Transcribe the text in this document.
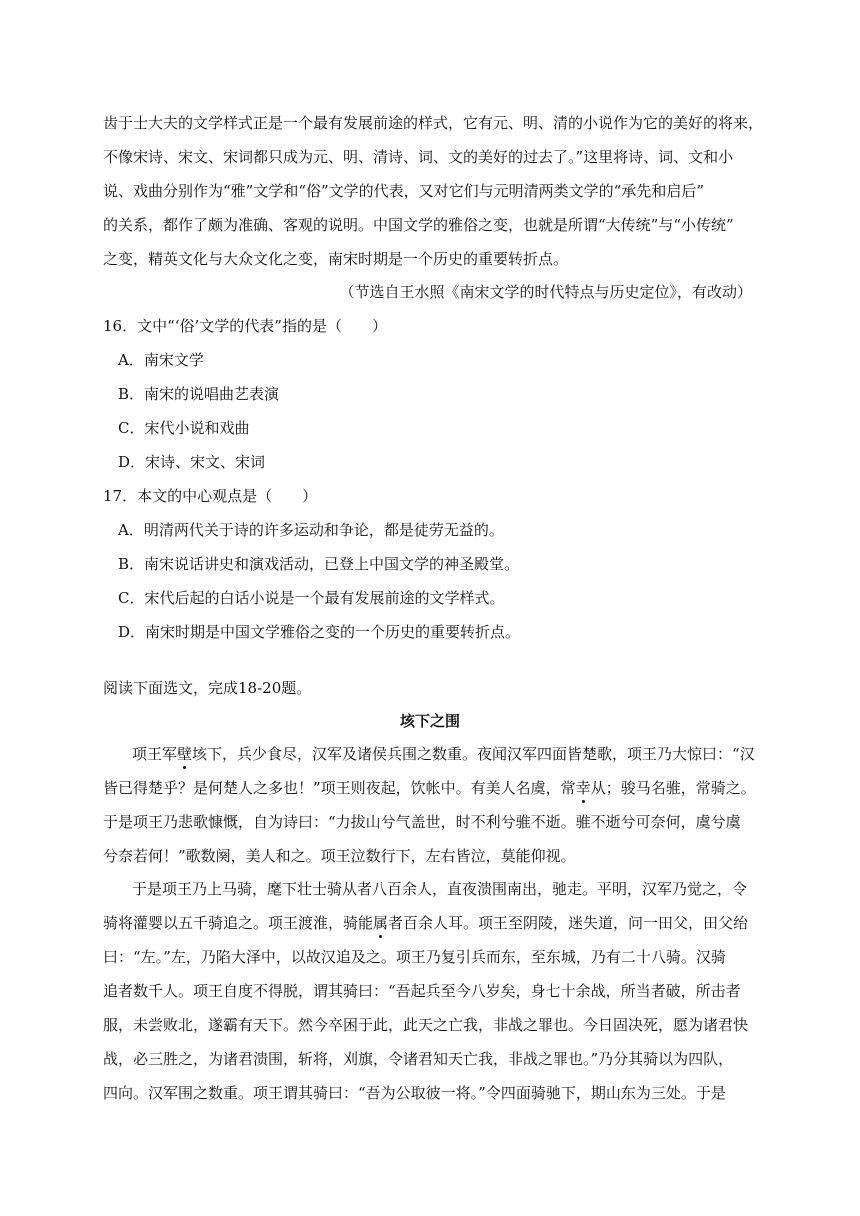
齿于士大夫的文学样式正是一个最有发展前途的样式，它有元、明、清的小说作为它的美好的将来，
不像宋诗、宋文、宋词都只成为元、明、清诗、词、文的美好的过去了。”这里将诗、词、文和小
说、戏曲分别作为“雅”文学和“俗”文学的代表，又对它们与元明清两类文学的“承先和启后”
的关系，都作了颇为准确、客观的说明。中国文学的雅俗之变，也就是所谓“大传统”与“小传统”
之变，精英文化与大众文化之变，南宋时期是一个历史的重要转折点。
（节选自王水照《南宋文学的时代特点与历史定位》，有改动）
16．文中“‘俗’文学的代表”指的是（　　）
A．南宋文学
B．南宋的说唱曲艺表演
C．宋代小说和戏曲
D．宋诗、宋文、宋词
17．本文的中心观点是（　　）
A．明清两代关于诗的许多运动和争论，都是徒劳无益的。
B．南宋说话讲史和演戏活动，已登上中国文学的神圣殿堂。
C．宋代后起的白话小说是一个最有发展前途的文学样式。
D．南宋时期是中国文学雅俗之变的一个历史的重要转折点。
阅读下面选文，完成18-20题。
垓下之围
项王军壁垓下，兵少食尽，汉军及诸侯兵围之数重。夜闻汉军四面皆楚歌，项王乃大惊曰：“汉
皆已得楚乎？是何楚人之多也！”项王则夜起，饮帐中。有美人名虞，常幸从；骏马名骓，常骑之。
于是项王乃悲歌慷慨，自为诗曰：“力拔山兮气盖世，时不利兮骓不逝。骓不逝兮可奈何，虞兮虞
兮奈若何！”歌数阕，美人和之。项王泣数行下，左右皆泣，莫能仰视。
于是项王乃上马骑，麾下壮士骑从者八百余人，直夜溃围南出，驰走。平明，汉军乃觉之，令
骑将灌婴以五千骑追之。项王渡淮，骑能属者百余人耳。项王至阴陵，迷失道，问一田父，田父绐
曰：“左。”左，乃陷大泽中，以故汉追及之。项王乃复引兵而东，至东城，乃有二十八骑。汉骑
追者数千人。项王自度不得脱，谓其骑曰：“吾起兵至今八岁矣，身七十余战，所当者破，所击者
服，未尝败北，遂霸有天下。然今卒困于此，此天之亡我，非战之罪也。今日固决死，愿为诸君快
战，必三胜之，为诸君溃围，斩将，刈旗，令诸君知天亡我，非战之罪也。”乃分其骑以为四队，
四向。汉军围之数重。项王谓其骑曰：“吾为公取彼一将。”令四面骑驰下，期山东为三处。于是
